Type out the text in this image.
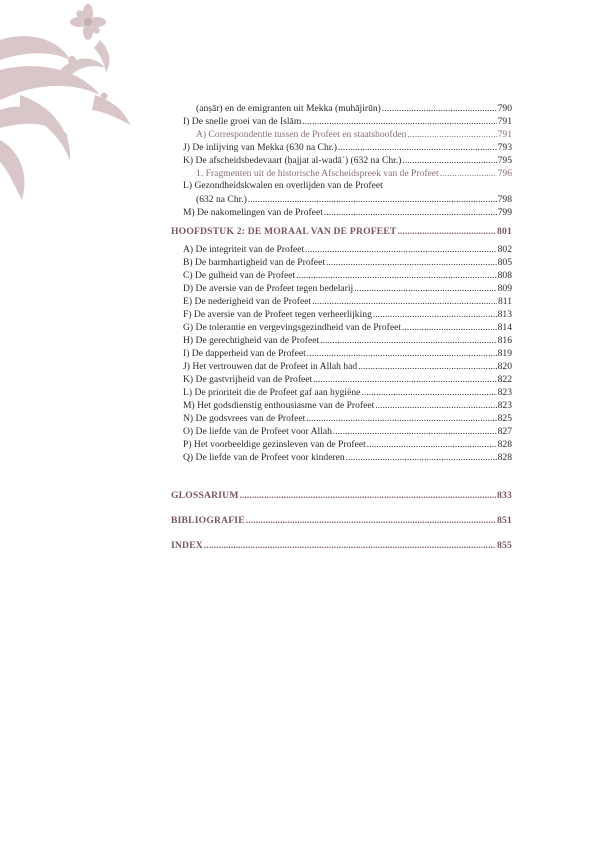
(anṣār) en de emigranten uit Mekka (muhājirūn) .....	790
I) De snelle groei van de Islām .....	791
A) Correspondentie tussen de Profeet en staatshoofden .....	791
J) De inlijving van Mekka (630 na Chr.) .....	793
K) De afscheidsbedevaart (ḥajjat al-wadā`) (632 na Chr.) .....	795
1. Fragmenten uit de historische Afscheidspreek van de Profeet .....	796
L) Gezondheidskwalen en overlijden van de Profeet
(632 na Chr.) .....	798
M) De nakomelingen van de Profeet .....	799
HOOFDSTUK 2: DE MORAAL VAN DE PROFEET .....	801
A) De integriteit van de Profeet .....	802
B) De barmhartigheid van de Profeet .....	805
C) De gulheid van de Profeet .....	808
D) De aversie van de Profeet tegen bedelarij .....	809
E) De nederigheid van de Profeet .....	811
F) De aversie van de Profeet tegen verheerlijking .....	813
G) De tolerantie en vergevingsgezindheid van de Profeet .....	814
H) De gerechtigheid van de Profeet .....	816
I) De dapperheid van de Profeet .....	819
J) Het vertrouwen dat de Profeet in Allah had .....	820
K) De gastvrijheid van de Profeet .....	822
L) De prioriteit die de Profeet gaf aan hygiëne .....	823
M) Het godsdienstig enthousiasme van de Profeet .....	823
N) De godsvrees van de Profeet .....	825
O) De liefde van de Profeet voor Allah .....	827
P) Het voorbeeldige gezinsleven van de Profeet .....	828
Q) De liefde van de Profeet voor kinderen .....	828
GLOSSARIUM .....	833
BIBLIOGRAFIE .....	851
INDEX .....	855
